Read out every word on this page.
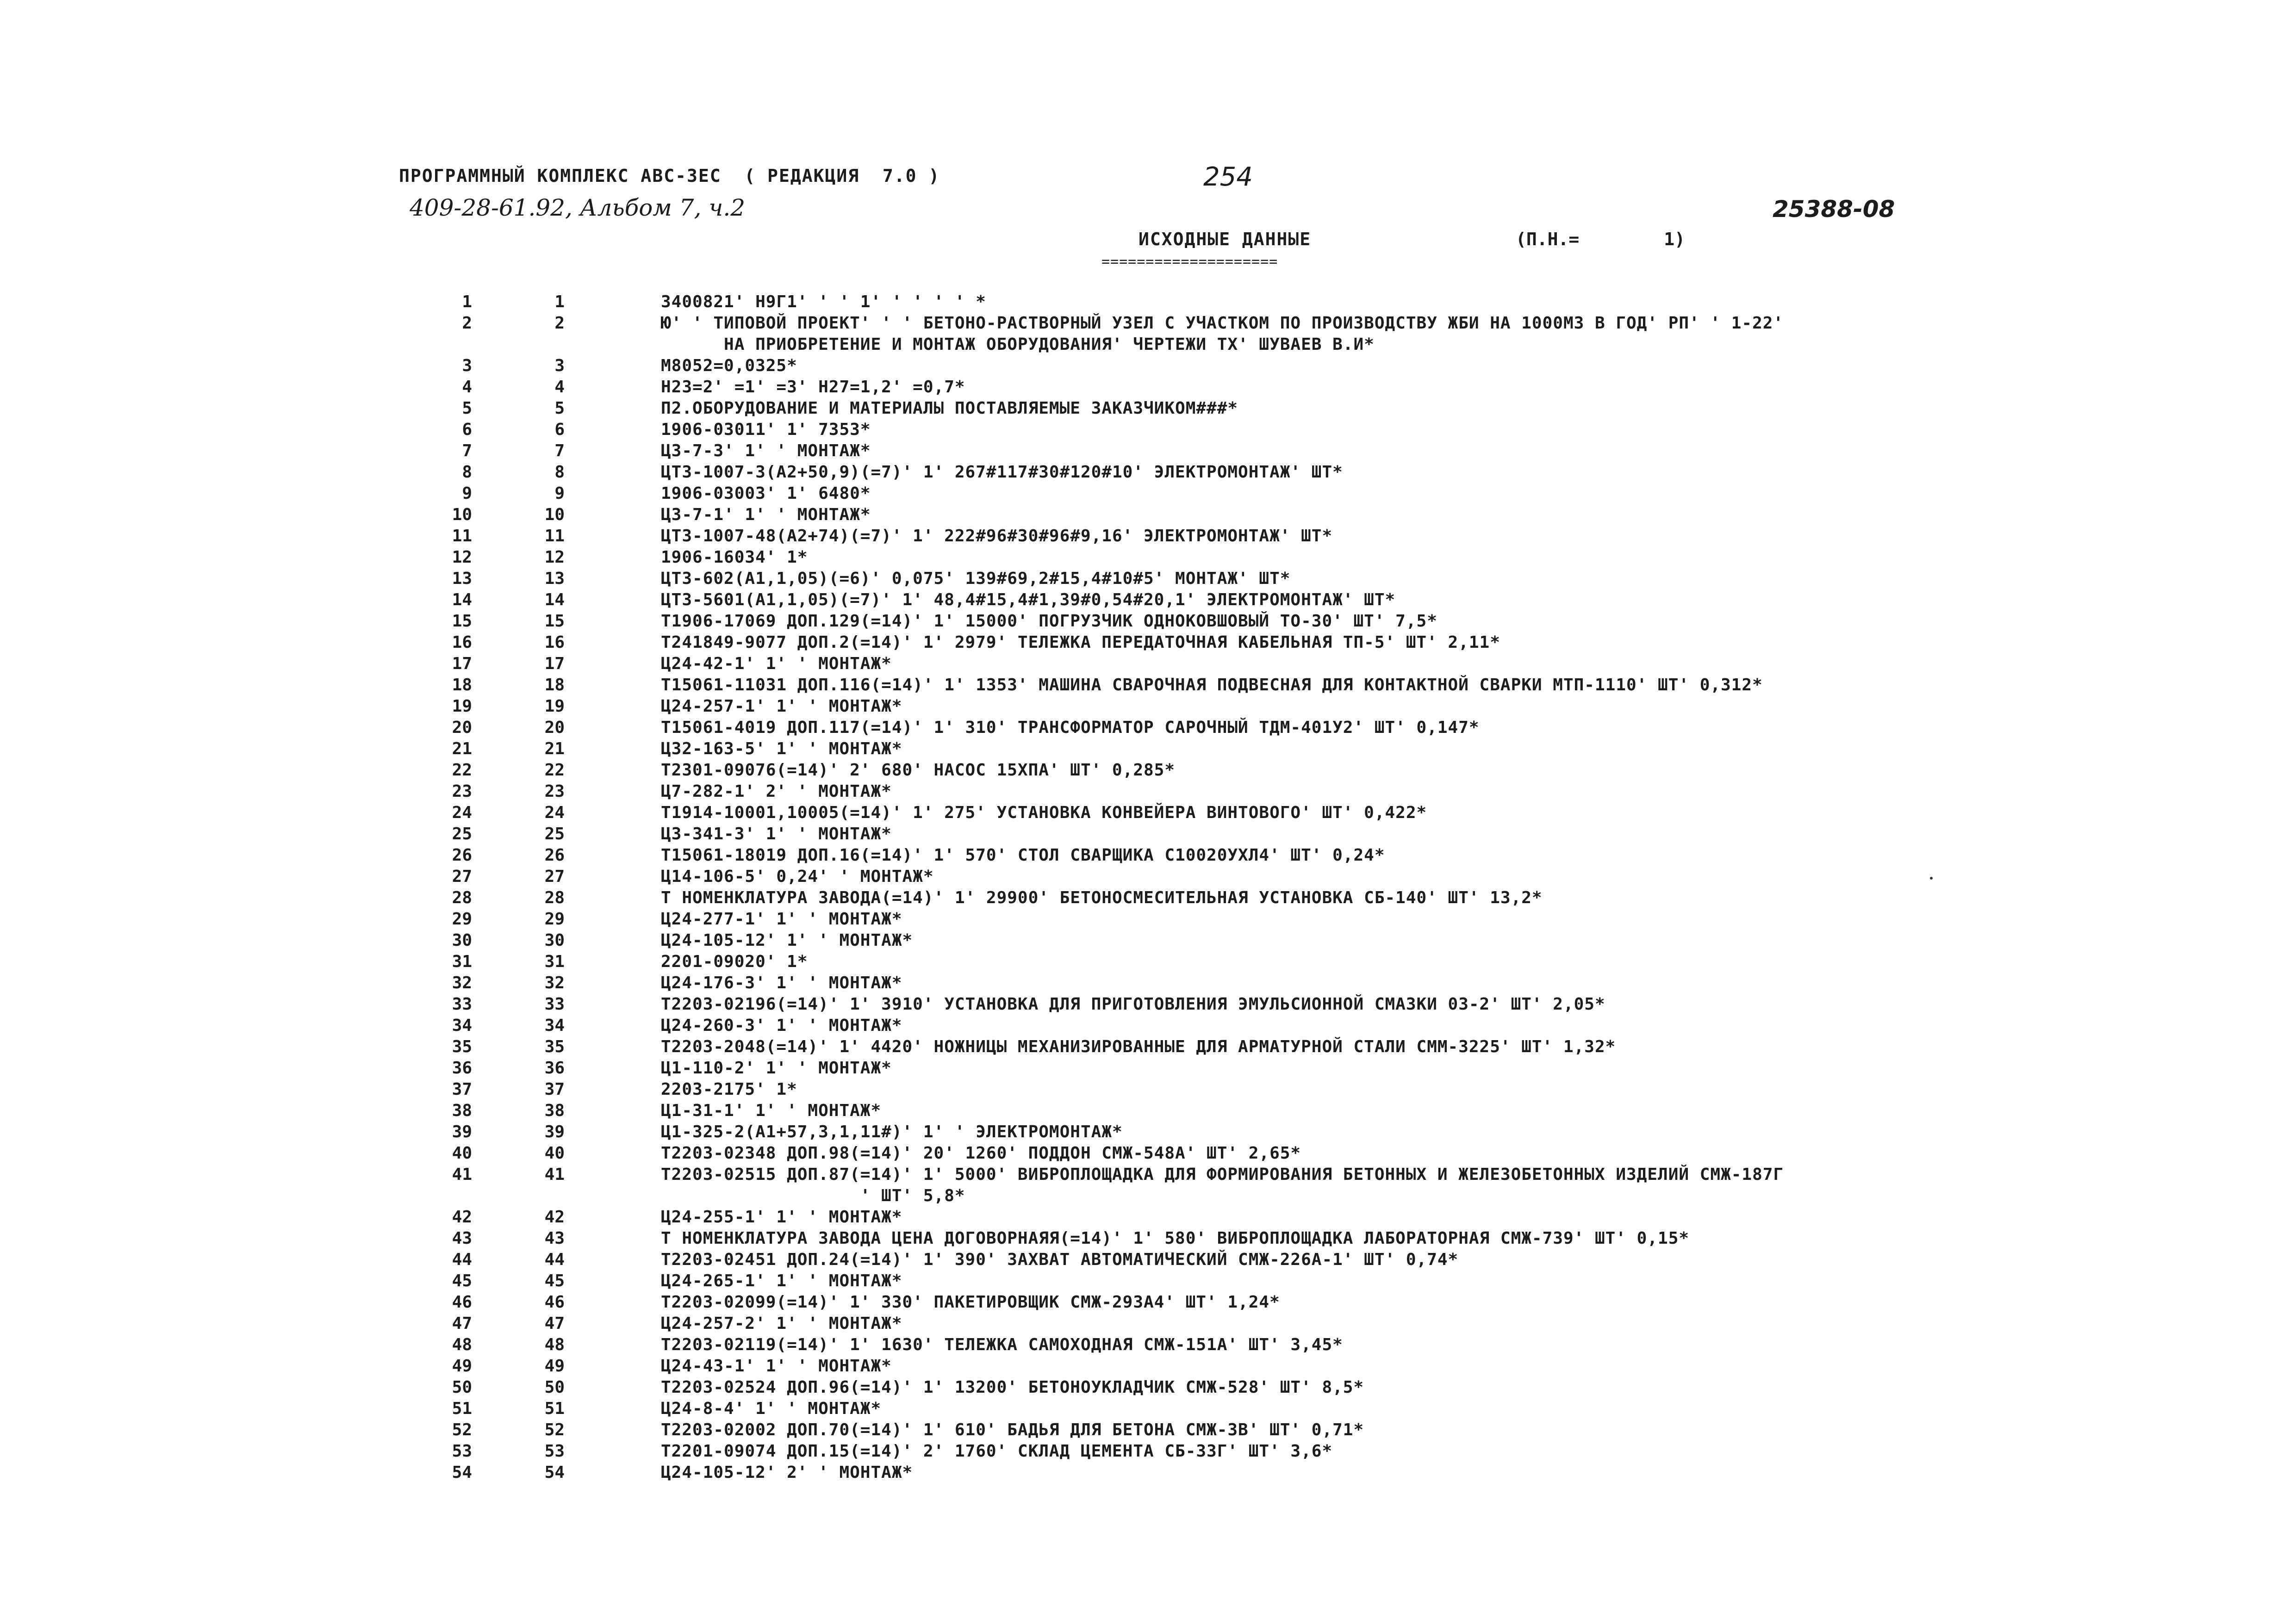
ПРОГРАММНЫЙ КОМПЛЕКС АВС-3ЕС  ( РЕДАКЦИЯ  7.0 )	254
409-28-61.92, Альбом 7, ч.2	25388-08
ИСХОДНЫЕ ДАННЫЕ	(П.Н.=        1)
====================
1	1	3400821' Н9Г1' ' ' 1' ' ' ' ' *
2	2	Ю' ' ТИПОВОЙ ПРОЕКТ' ' ' БЕТОНО-РАСТВОРНЫЙ УЗЕЛ С УЧАСТКОМ ПО ПРОИЗВОДСТВУ ЖБИ НА 1000М3 В ГОД' РП' ' 1-22'
НА ПРИОБРЕТЕНИЕ И МОНТАЖ ОБОРУДОВАНИЯ' ЧЕРТЕЖИ ТХ' ШУВАЕВ В.И*
3	3	М8052=0,0325*
4	4	Н23=2' =1' =3' Н27=1,2' =0,7*
5	5	П2.ОБОРУДОВАНИЕ И МАТЕРИАЛЫ ПОСТАВЛЯЕМЫЕ ЗАКАЗЧИКОМ###*
6	6	1906-03011' 1' 7353*
7	7	Ц3-7-3' 1' ' МОНТАЖ*
8	8	ЦТ3-1007-3(А2+50,9)(=7)' 1' 267#117#30#120#10' ЭЛЕКТРОМОНТАЖ' ШТ*
9	9	1906-03003' 1' 6480*
10	10	Ц3-7-1' 1' ' МОНТАЖ*
11	11	ЦТ3-1007-48(А2+74)(=7)' 1' 222#96#30#96#9,16' ЭЛЕКТРОМОНТАЖ' ШТ*
12	12	1906-16034' 1*
13	13	ЦТ3-602(А1,1,05)(=6)' 0,075' 139#69,2#15,4#10#5' МОНТАЖ' ШТ*
14	14	ЦТ3-5601(А1,1,05)(=7)' 1' 48,4#15,4#1,39#0,54#20,1' ЭЛЕКТРОМОНТАЖ' ШТ*
15	15	Т1906-17069 ДОП.129(=14)' 1' 15000' ПОГРУЗЧИК ОДНОКОВШОВЫЙ ТО-30' ШТ' 7,5*
16	16	Т241849-9077 ДОП.2(=14)' 1' 2979' ТЕЛЕЖКА ПЕРЕДАТОЧНАЯ КАБЕЛЬНАЯ ТП-5' ШТ' 2,11*
17	17	Ц24-42-1' 1' ' МОНТАЖ*
18	18	Т15061-11031 ДОП.116(=14)' 1' 1353' МАШИНА СВАРОЧНАЯ ПОДВЕСНАЯ ДЛЯ КОНТАКТНОЙ СВАРКИ МТП-1110' ШТ' 0,312*
19	19	Ц24-257-1' 1' ' МОНТАЖ*
20	20	Т15061-4019 ДОП.117(=14)' 1' 310' ТРАНСФОРМАТОР САРОЧНЫЙ ТДМ-401У2' ШТ' 0,147*
21	21	Ц32-163-5' 1' ' МОНТАЖ*
22	22	Т2301-09076(=14)' 2' 680' НАСОС 15ХПА' ШТ' 0,285*
23	23	Ц7-282-1' 2' ' МОНТАЖ*
24	24	Т1914-10001,10005(=14)' 1' 275' УСТАНОВКА КОНВЕЙЕРА ВИНТОВОГО' ШТ' 0,422*
25	25	Ц3-341-3' 1' ' МОНТАЖ*
26	26	Т15061-18019 ДОП.16(=14)' 1' 570' СТОЛ СВАРЩИКА С10020УХЛ4' ШТ' 0,24*
27	27	Ц14-106-5' 0,24' ' МОНТАЖ*
28	28	Т НОМЕНКЛАТУРА ЗАВОДА(=14)' 1' 29900' БЕТОНОСМЕСИТЕЛЬНАЯ УСТАНОВКА СБ-140' ШТ' 13,2*
29	29	Ц24-277-1' 1' ' МОНТАЖ*
30	30	Ц24-105-12' 1' ' МОНТАЖ*
31	31	2201-09020' 1*
32	32	Ц24-176-3' 1' ' МОНТАЖ*
33	33	Т2203-02196(=14)' 1' 3910' УСТАНОВКА ДЛЯ ПРИГОТОВЛЕНИЯ ЭМУЛЬСИОННОЙ СМАЗКИ 03-2' ШТ' 2,05*
34	34	Ц24-260-3' 1' ' МОНТАЖ*
35	35	Т2203-2048(=14)' 1' 4420' НОЖНИЦЫ МЕХАНИЗИРОВАННЫЕ ДЛЯ АРМАТУРНОЙ СТАЛИ СММ-3225' ШТ' 1,32*
36	36	Ц1-110-2' 1' ' МОНТАЖ*
37	37	2203-2175' 1*
38	38	Ц1-31-1' 1' ' МОНТАЖ*
39	39	Ц1-325-2(А1+57,3,1,11#)' 1' ' ЭЛЕКТРОМОНТАЖ*
40	40	Т2203-02348 ДОП.98(=14)' 20' 1260' ПОДДОН СМЖ-548А' ШТ' 2,65*
41	41	Т2203-02515 ДОП.87(=14)' 1' 5000' ВИБРОПЛОЩАДКА ДЛЯ ФОРМИРОВАНИЯ БЕТОННЫХ И ЖЕЛЕЗОБЕТОННЫХ ИЗДЕЛИЙ СМЖ-187Г
' ШТ' 5,8*
42	42	Ц24-255-1' 1' ' МОНТАЖ*
43	43	Т НОМЕНКЛАТУРА ЗАВОДА ЦЕНА ДОГОВОРНАЯЯ(=14)' 1' 580' ВИБРОПЛОЩАДКА ЛАБОРАТОРНАЯ СМЖ-739' ШТ' 0,15*
44	44	Т2203-02451 ДОП.24(=14)' 1' 390' ЗАХВАТ АВТОМАТИЧЕСКИЙ СМЖ-226А-1' ШТ' 0,74*
45	45	Ц24-265-1' 1' ' МОНТАЖ*
46	46	Т2203-02099(=14)' 1' 330' ПАКЕТИРОВЩИК СМЖ-293А4' ШТ' 1,24*
47	47	Ц24-257-2' 1' ' МОНТАЖ*
48	48	Т2203-02119(=14)' 1' 1630' ТЕЛЕЖКА САМОХОДНАЯ СМЖ-151А' ШТ' 3,45*
49	49	Ц24-43-1' 1' ' МОНТАЖ*
50	50	Т2203-02524 ДОП.96(=14)' 1' 13200' БЕТОНОУКЛАДЧИК СМЖ-528' ШТ' 8,5*
51	51	Ц24-8-4' 1' ' МОНТАЖ*
52	52	Т2203-02002 ДОП.70(=14)' 1' 610' БАДЬЯ ДЛЯ БЕТОНА СМЖ-3В' ШТ' 0,71*
53	53	Т2201-09074 ДОП.15(=14)' 2' 1760' СКЛАД ЦЕМЕНТА СБ-33Г' ШТ' 3,6*
54	54	Ц24-105-12' 2' ' МОНТАЖ*
